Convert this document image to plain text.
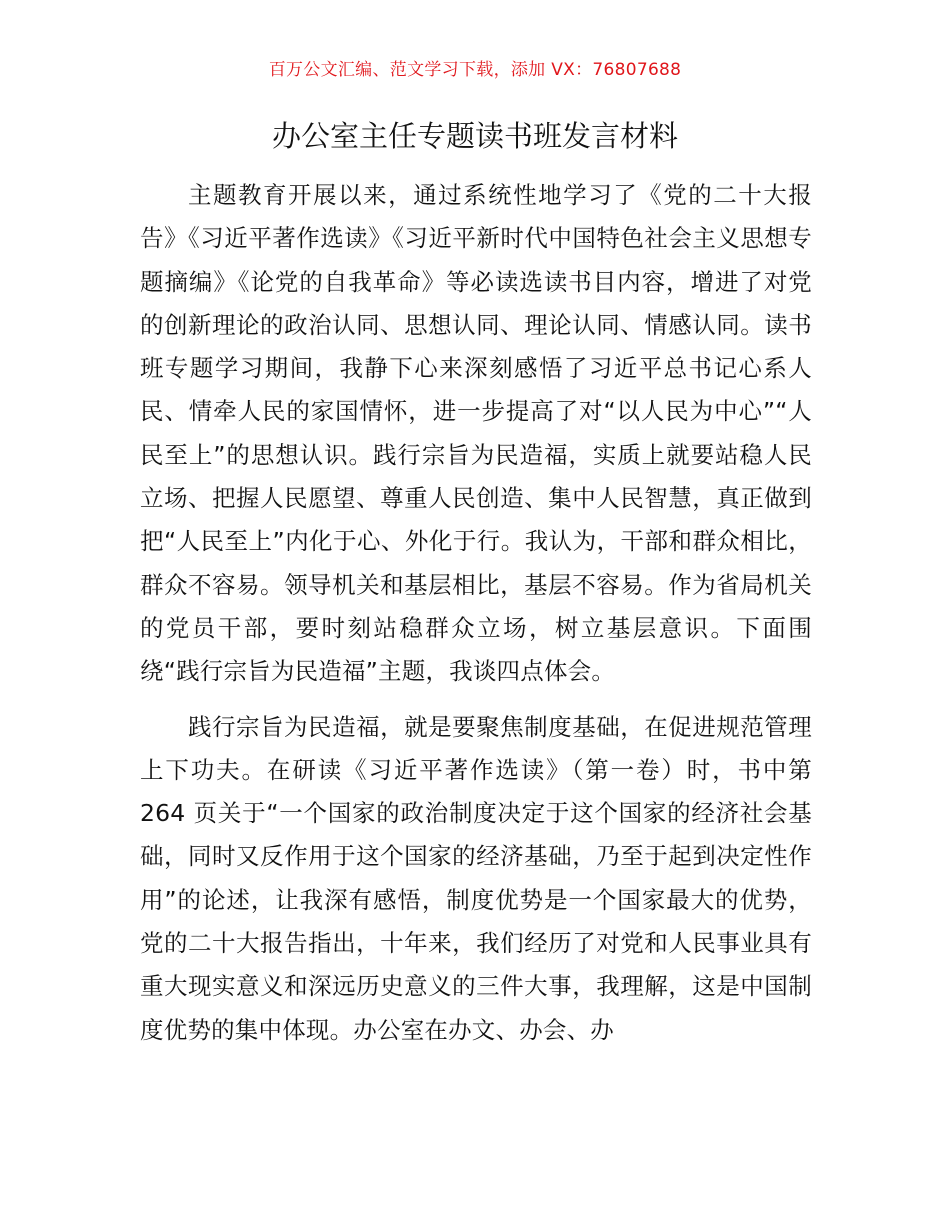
百万公文汇编、范文学习下载，添加 VX：76807688
办公室主任专题读书班发言材料

主题教育开展以来，通过系统性地学习了《党的二十大报告》《习近平著作选读》《习近平新时代中国特色社会主义思想专题摘编》《论党的自我革命》等必读选读书目内容，增进了对党的创新理论的政治认同、思想认同、理论认同、情感认同。读书班专题学习期间，我静下心来深刻感悟了习近平总书记心系人民、情牵人民的家国情怀，进一步提高了对“以人民为中心”“人民至上”的思想认识。践行宗旨为民造福，实质上就要站稳人民立场、把握人民愿望、尊重人民创造、集中人民智慧，真正做到把“人民至上”内化于心、外化于行。我认为，干部和群众相比，群众不容易。领导机关和基层相比，基层不容易。作为省局机关的党员干部，要时刻站稳群众立场，树立基层意识。下面围绕“践行宗旨为民造福”主题，我谈四点体会。

践行宗旨为民造福，就是要聚焦制度基础，在促进规范管理上下功夫。在研读《习近平著作选读》（第一卷）时，书中第 264 页关于“一个国家的政治制度决定于这个国家的经济社会基础，同时又反作用于这个国家的经济基础，乃至于起到决定性作用”的论述，让我深有感悟，制度优势是一个国家最大的优势，党的二十大报告指出，十年来，我们经历了对党和人民事业具有重大现实意义和深远历史意义的三件大事，我理解，这是中国制度优势的集中体现。办公室在办文、办会、办
